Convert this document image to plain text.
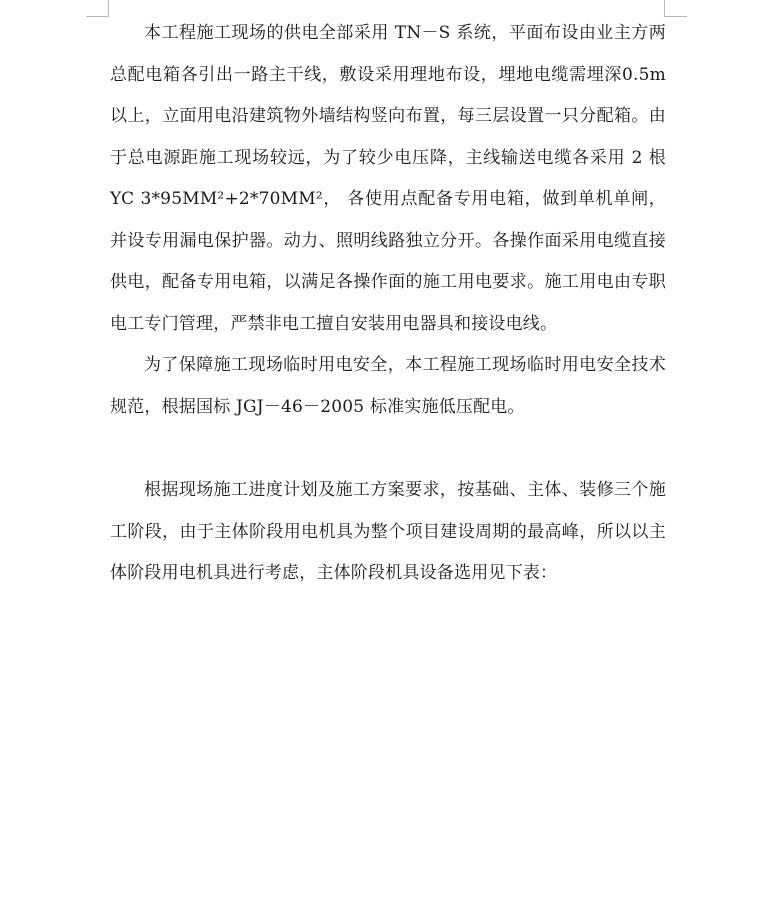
本工程施工现场的供电全部采用 TN－S 系统，平面布设由业主方两总配电箱各引出一路主干线，敷设采用理地布设，埋地电缆需埋深0.5m 以上，立面用电沿建筑物外墙结构竖向布置，每三层设置一只分配箱。由于总电源距施工现场较远，为了较少电压降，主线输送电缆各采用 2 根 YC 3*95MM²+2*70MM²， 各使用点配备专用电箱，做到单机单闸，并设专用漏电保护器。动力、照明线路独立分开。各操作面采用电缆直接供电，配备专用电箱，以满足各操作面的施工用电要求。施工用电由专职电工专门管理，严禁非电工擅自安装用电器具和接设电线。

为了保障施工现场临时用电安全，本工程施工现场临时用电安全技术规范，根据国标 JGJ－46－2005 标准实施低压配电。

根据现场施工进度计划及施工方案要求，按基础、主体、装修三个施工阶段，由于主体阶段用电机具为整个项目建设周期的最高峰，所以以主体阶段用电机具进行考虑，主体阶段机具设备选用见下表：
